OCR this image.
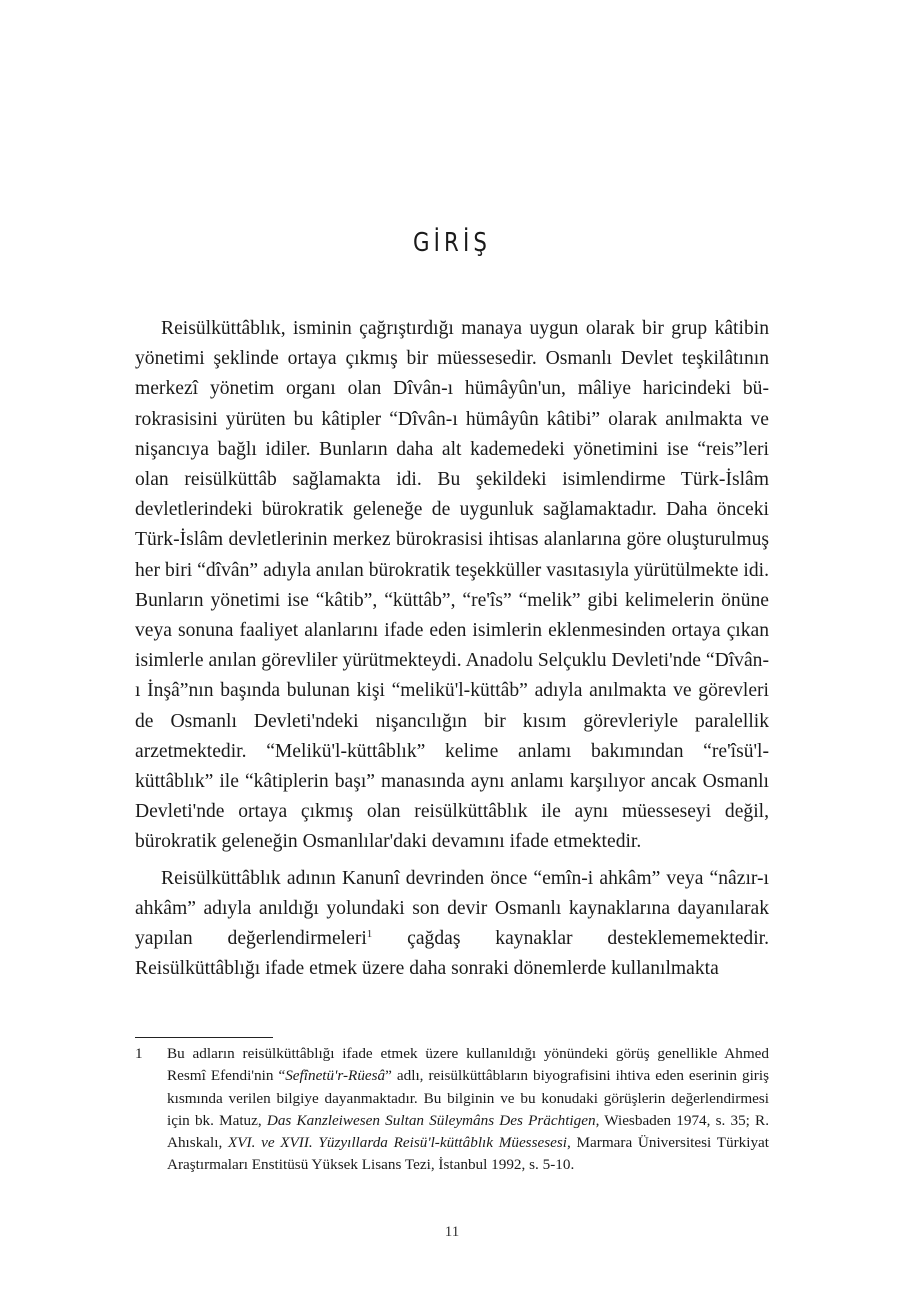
GİRİŞ

Reisülküttâblık, isminin çağrıştırdığı manaya uygun olarak bir grup kâtibin yönetimi şeklinde ortaya çıkmış bir müessesedir. Osmanlı Devlet teşkilâtının merkezî yönetim organı olan Dîvân-ı hümâyûn'un, mâliye haricindeki bürokrasisini yürüten bu kâtipler “Dîvân-ı hümâyûn kâtibi” olarak anılmakta ve nişancıya bağlı idiler. Bunların daha alt kademedeki yönetimini ise “reis”leri olan reisülküttâb sağlamakta idi. Bu şekildeki isimlendirme Türk-İslâm devletlerindeki bürokratik geleneğe de uygunluk sağlamaktadır. Daha önceki Türk-İslâm devletlerinin merkez bürokrasisi ihtisas alanlarına göre oluşturulmuş her biri “dîvân” adıyla anılan bürokratik teşekküller vasıtasıyla yürütülmekte idi. Bunların yönetimi ise “kâtib”, “küttâb”, “re'îs” “melik” gibi kelimelerin önüne veya sonuna faaliyet alanlarını ifade eden isimlerin eklenmesinden ortaya çıkan isimlerle anılan görevliler yürütmekteydi. Anadolu Selçuklu Devleti'nde “Dîvân-ı İnşâ”nın başında bulunan kişi “melikü'l-küttâb” adıyla anılmakta ve görevleri de Osmanlı Devleti'ndeki nişancılığın bir kısım görevleriyle paralellik arzetmektedir. “Melikü'l-küttâblık” kelime anlamı bakımından “re'îsü'l-küttâblık” ile “kâtiplerin başı” manasında aynı anlamı karşılıyor ancak Osmanlı Devleti'nde ortaya çıkmış olan reisülküttâblık ile aynı müesseseyi değil, bürokratik geleneğin Osmanlılar'daki devamını ifade etmektedir.

Reisülküttâblık adının Kanunî devrinden önce “emîn-i ahkâm” veya “nâzır-ı ahkâm” adıyla anıldığı yolundaki son devir Osmanlı kaynaklarına dayanılarak yapılan değerlendirmeleri$^1$ çağdaş kaynaklar desteklememektedir. Reisülküttâblığı ifade etmek üzere daha sonraki dönemlerde kullanılmakta

1	Bu adların reisülküttâblığı ifade etmek üzere kullanıldığı yönündeki görüş genellikle Ahmed Resmî Efendi'nin “Sefînetü'r-Rüesâ” adlı, reisülküttâbların biyografisini ihtiva eden eserinin giriş kısmında verilen bilgiye dayanmaktadır. Bu bilginin ve bu konudaki görüşlerin değerlendirmesi için bk. Matuz, Das Kanzleiwesen Sultan Süleymâns Des Prächtigen, Wiesbaden 1974, s. 35; R. Ahıskalı, XVI. ve XVII. Yüzyıllarda Reisü'l-küttâblık Müessesesi, Marmara Üniversitesi Türkiyat Araştırmaları Enstitüsü Yüksek Lisans Tezi, İstanbul 1992, s. 5-10.
11
